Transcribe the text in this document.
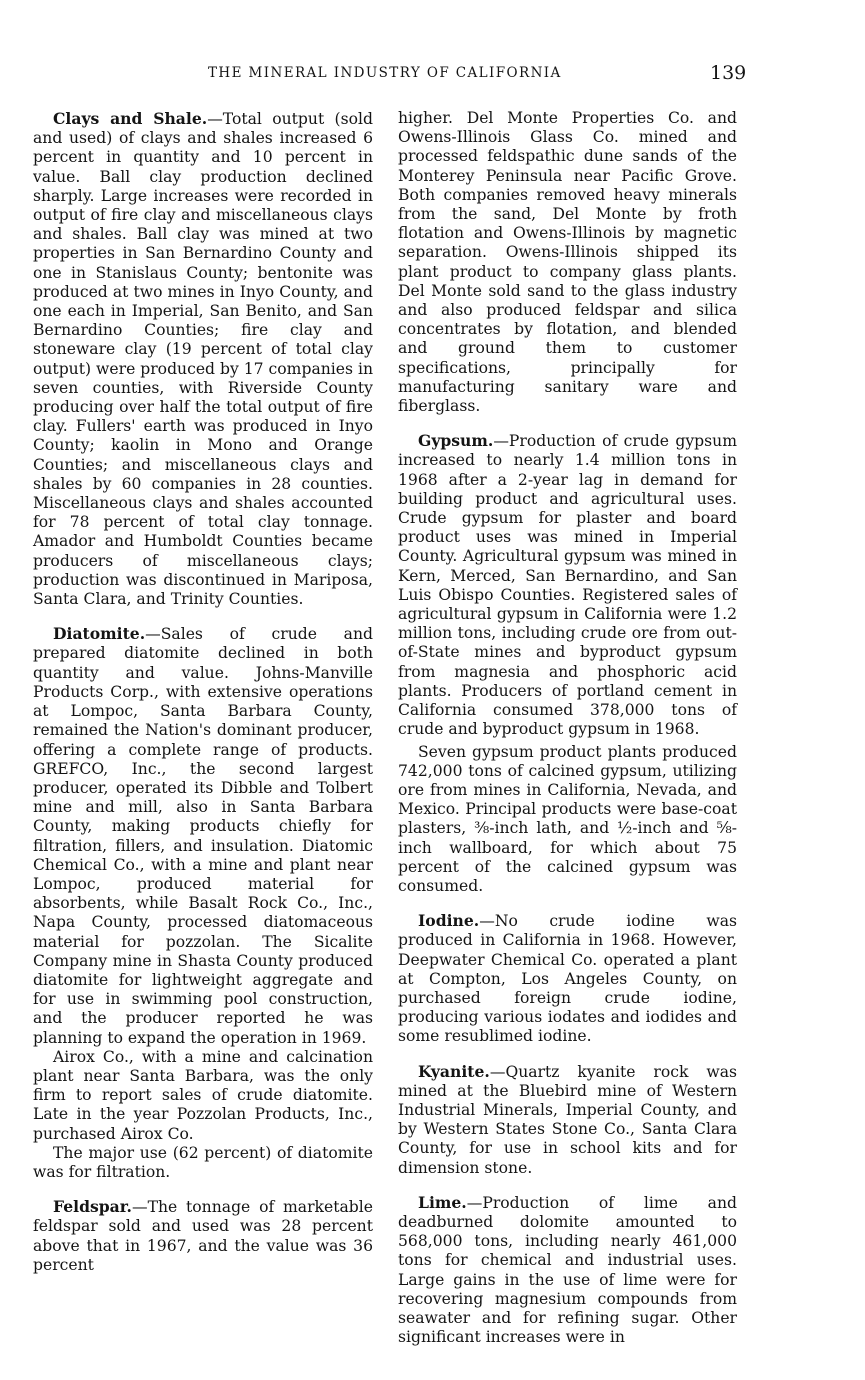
THE MINERAL INDUSTRY OF CALIFORNIA	139

Clays and Shale.—Total output (sold and used) of clays and shales increased 6 percent in quantity and 10 percent in value. Ball clay production declined sharply. Large increases were recorded in output of fire clay and miscellaneous clays and shales. Ball clay was mined at two properties in San Bernardino County and one in Stanislaus County; bentonite was produced at two mines in Inyo County, and one each in Imperial, San Benito, and San Bernardino Counties; fire clay and stoneware clay (19 percent of total clay output) were produced by 17 companies in seven counties, with Riverside County producing over half the total output of fire clay. Fullers' earth was produced in Inyo County; kaolin in Mono and Orange Counties; and miscellaneous clays and shales by 60 companies in 28 counties. Miscellaneous clays and shales accounted for 78 percent of total clay tonnage. Amador and Humboldt Counties became producers of miscellaneous clays; production was discontinued in Mariposa, Santa Clara, and Trinity Counties.

Diatomite.—Sales of crude and prepared diatomite declined in both quantity and value. Johns-Manville Products Corp., with extensive operations at Lompoc, Santa Barbara County, remained the Nation's dominant producer, offering a complete range of products. GREFCO, Inc., the second largest producer, operated its Dibble and Tolbert mine and mill, also in Santa Barbara County, making products chiefly for filtration, fillers, and insulation. Diatomic Chemical Co., with a mine and plant near Lompoc, produced material for absorbents, while Basalt Rock Co., Inc., Napa County, processed diatomaceous material for pozzolan. The Sicalite Company mine in Shasta County produced diatomite for lightweight aggregate and for use in swimming pool construction, and the producer reported he was planning to expand the operation in 1969.

Airox Co., with a mine and calcination plant near Santa Barbara, was the only firm to report sales of crude diatomite. Late in the year Pozzolan Products, Inc., purchased Airox Co.

The major use (62 percent) of diatomite was for filtration.

Feldspar.—The tonnage of marketable feldspar sold and used was 28 percent above that in 1967, and the value was 36 percent

higher. Del Monte Properties Co. and Owens-Illinois Glass Co. mined and processed feldspathic dune sands of the Monterey Peninsula near Pacific Grove. Both companies removed heavy minerals from the sand, Del Monte by froth flotation and Owens-Illinois by magnetic separation. Owens-Illinois shipped its plant product to company glass plants. Del Monte sold sand to the glass industry and also produced feldspar and silica concentrates by flotation, and blended and ground them to customer specifications, principally for manufacturing sanitary ware and fiberglass.

Gypsum.—Production of crude gypsum increased to nearly 1.4 million tons in 1968 after a 2-year lag in demand for building product and agricultural uses. Crude gypsum for plaster and board product uses was mined in Imperial County. Agricultural gypsum was mined in Kern, Merced, San Bernardino, and San Luis Obispo Counties. Registered sales of agricultural gypsum in California were 1.2 million tons, including crude ore from out-of-State mines and byproduct gypsum from magnesia and phosphoric acid plants. Producers of portland cement in California consumed 378,000 tons of crude and byproduct gypsum in 1968.

Seven gypsum product plants produced 742,000 tons of calcined gypsum, utilizing ore from mines in California, Nevada, and Mexico. Principal products were base-coat plasters, ⅜-inch lath, and ½-inch and ⅝-inch wallboard, for which about 75 percent of the calcined gypsum was consumed.

Iodine.—No crude iodine was produced in California in 1968. However, Deepwater Chemical Co. operated a plant at Compton, Los Angeles County, on purchased foreign crude iodine, producing various iodates and iodides and some resublimed iodine.

Kyanite.—Quartz kyanite rock was mined at the Bluebird mine of Western Industrial Minerals, Imperial County, and by Western States Stone Co., Santa Clara County, for use in school kits and for dimension stone.

Lime.—Production of lime and deadburned dolomite amounted to 568,000 tons, including nearly 461,000 tons for chemical and industrial uses. Large gains in the use of lime were for recovering magnesium compounds from seawater and for refining sugar. Other significant increases were in
